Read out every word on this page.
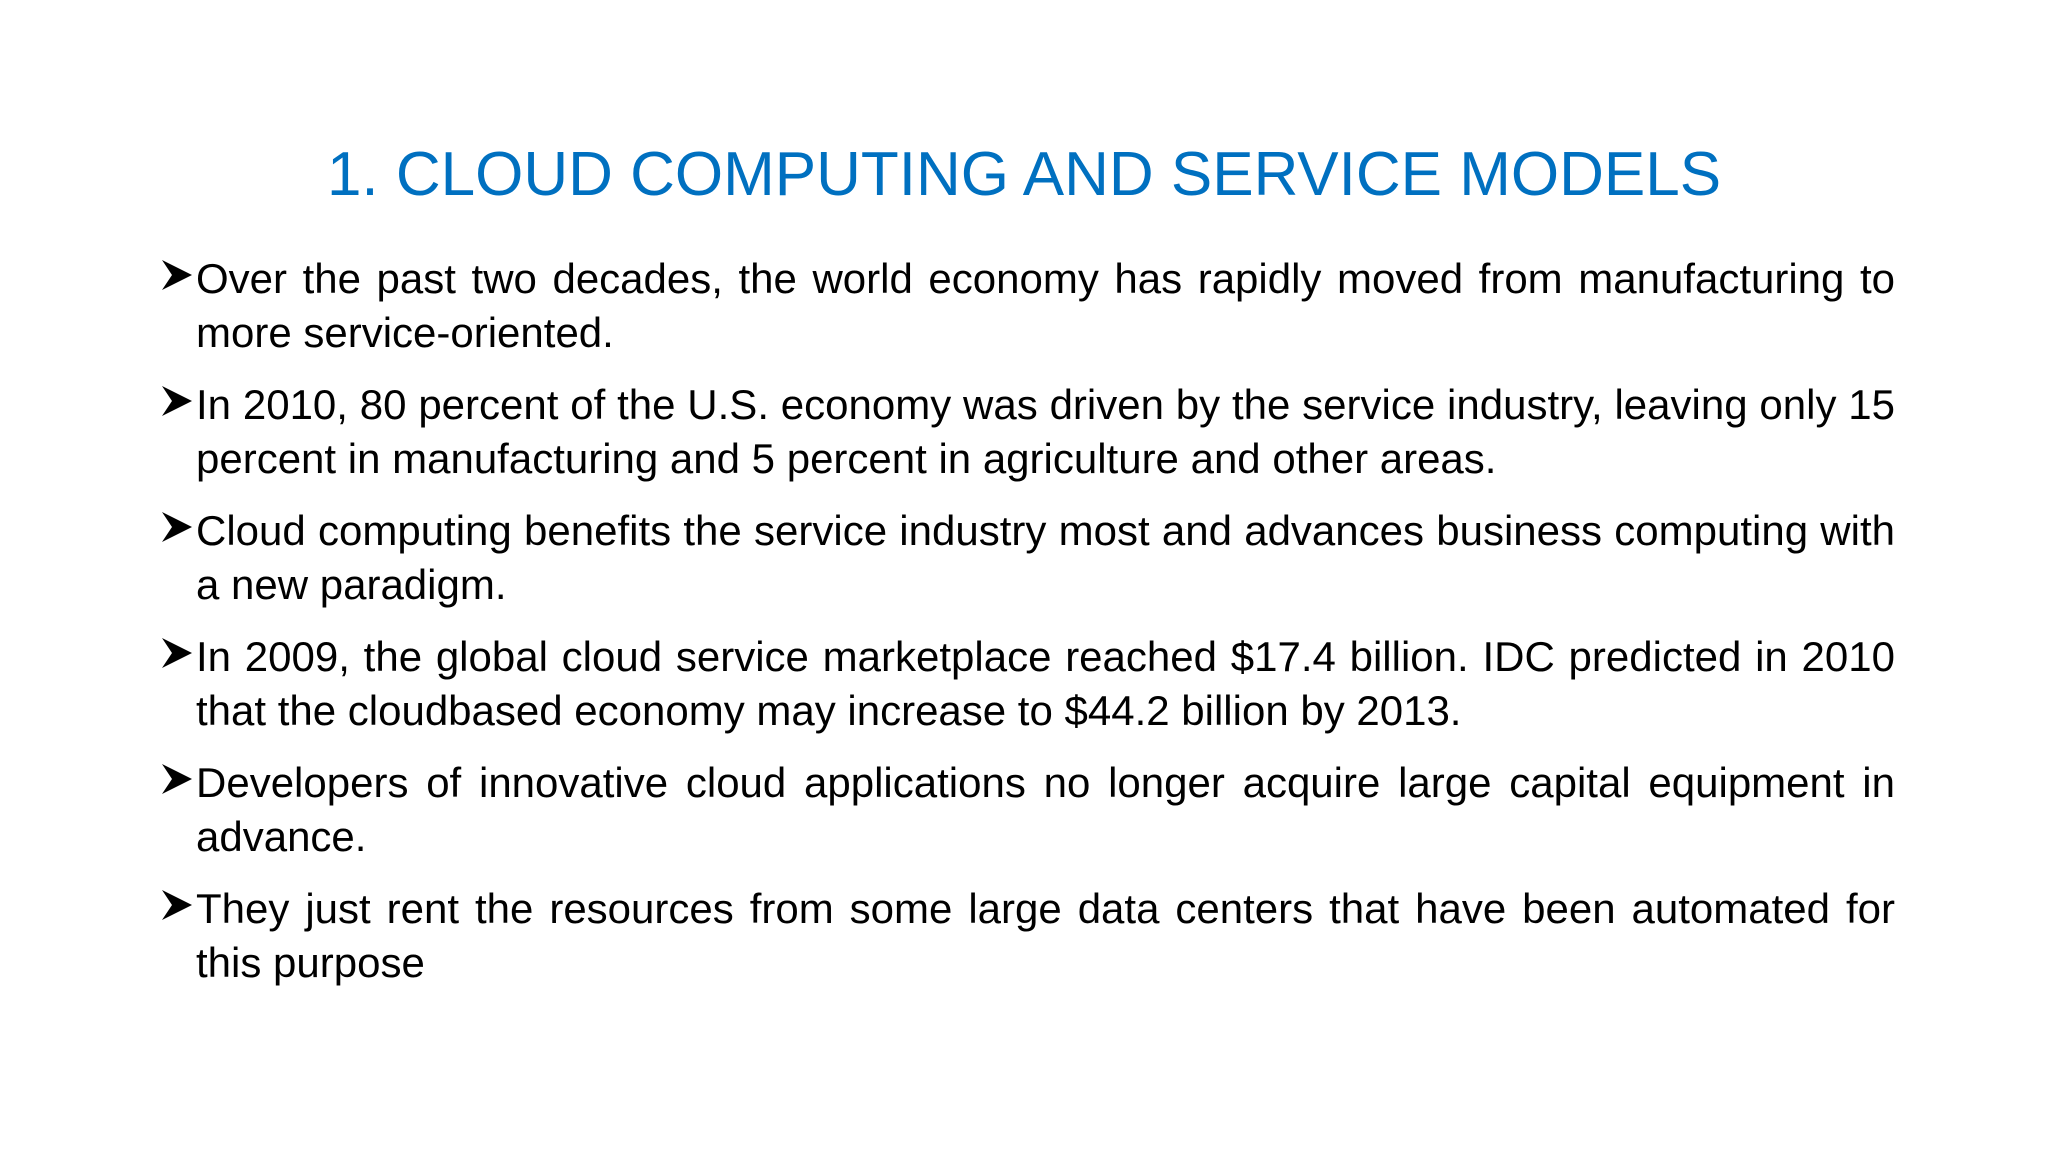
1. CLOUD COMPUTING AND SERVICE MODELS
Over the past two decades, the world economy has rapidly moved from manufacturing to more service-oriented.
In 2010, 80 percent of the U.S. economy was driven by the service industry, leaving only 15 percent in manufacturing and 5 percent in agriculture and other areas.
Cloud computing benefits the service industry most and advances business computing with a new paradigm.
In 2009, the global cloud service marketplace reached $17.4 billion. IDC predicted in 2010 that the cloudbased economy may increase to $44.2 billion by 2013.
Developers of innovative cloud applications no longer acquire large capital equipment in advance.
They just rent the resources from some large data centers that have been automated for this purpose
